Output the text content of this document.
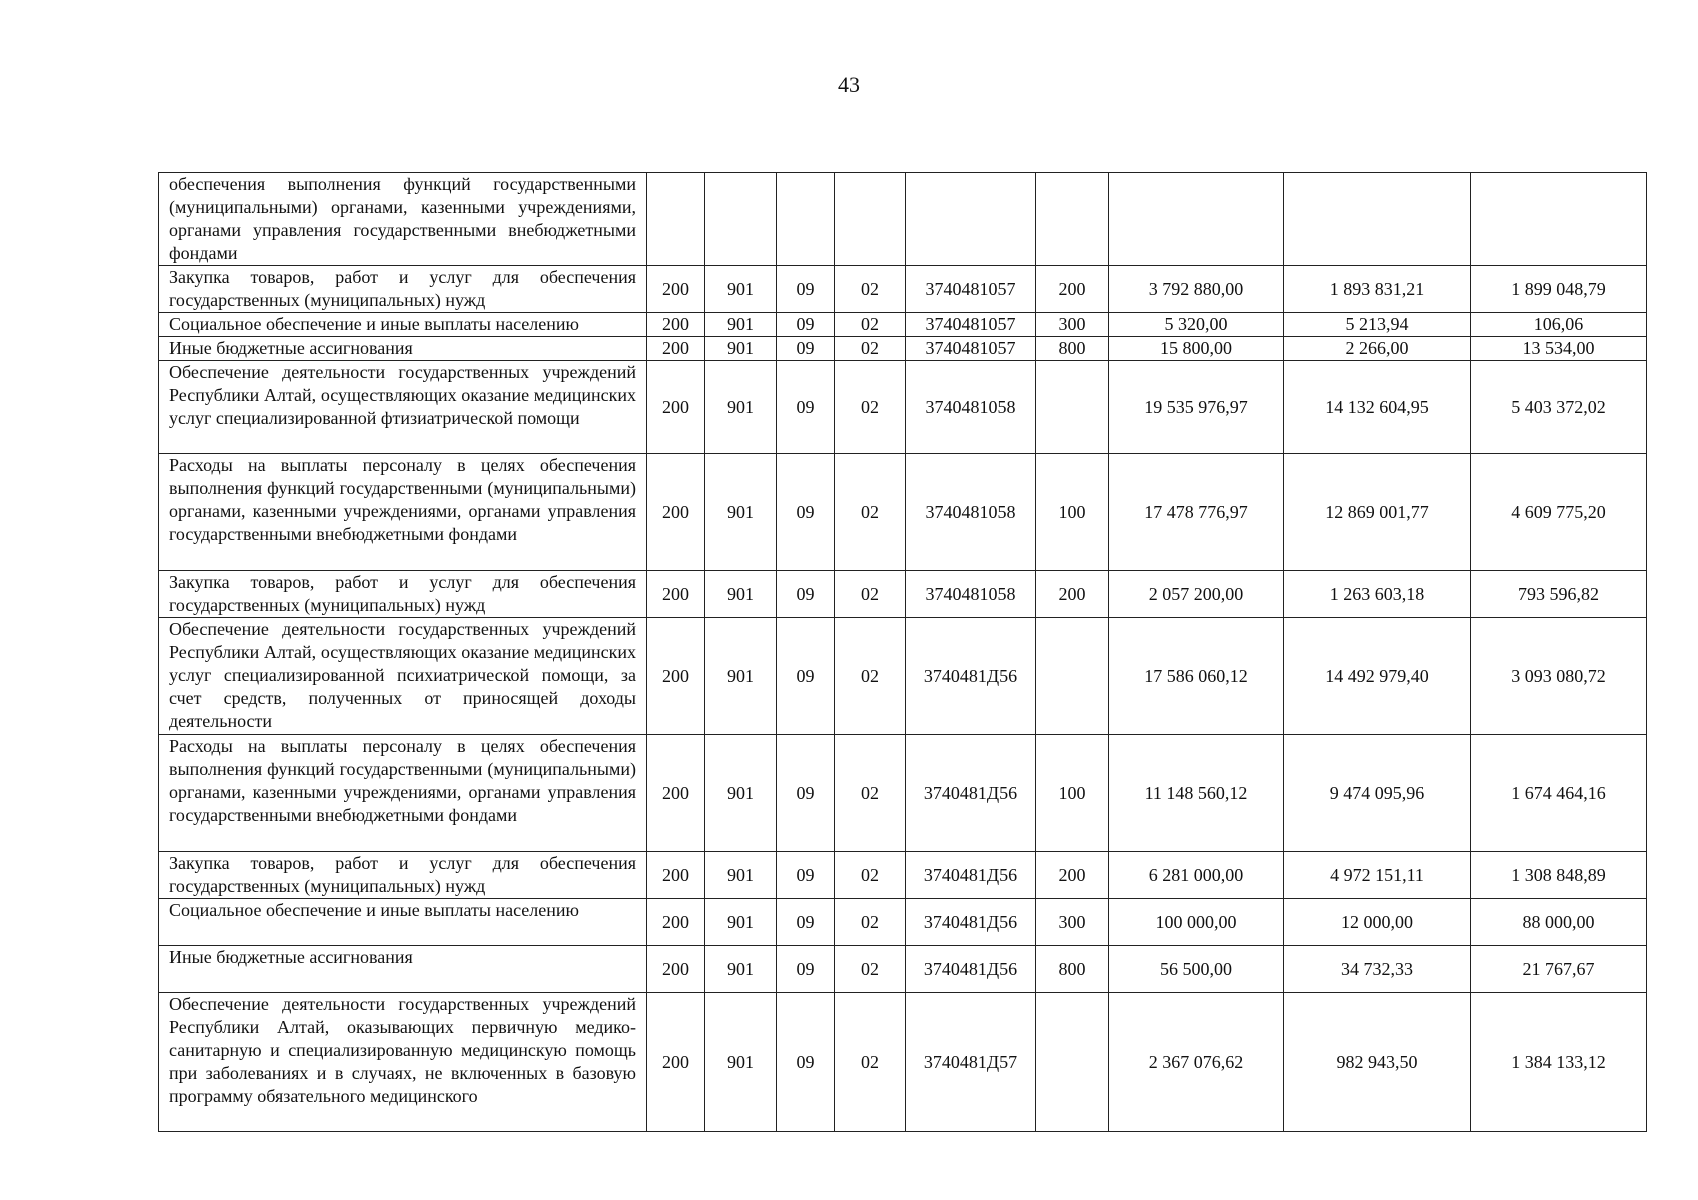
43
обеспечения выполнения функций государственными (муниципальными) органами, казенными учреждениями, органами управления государственными внебюджетными фондами									
Закупка товаров, работ и услуг для обеспечения государственных (муниципальных) нужд	200	901	09	02	3740481057	200	3 792 880,00	1 893 831,21	1 899 048,79
Социальное обеспечение и иные выплаты населению	200	901	09	02	3740481057	300	5 320,00	5 213,94	106,06
Иные бюджетные ассигнования	200	901	09	02	3740481057	800	15 800,00	2 266,00	13 534,00
Обеспечение деятельности государственных учреждений Республики Алтай, осуществляющих оказание медицинских услуг специализированной фтизиатрической помощи	200	901	09	02	3740481058		19 535 976,97	14 132 604,95	5 403 372,02
Расходы на выплаты персоналу в целях обеспечения выполнения функций государственными (муниципальными) органами, казенными учреждениями, органами управления государственными внебюджетными фондами	200	901	09	02	3740481058	100	17 478 776,97	12 869 001,77	4 609 775,20
Закупка товаров, работ и услуг для обеспечения государственных (муниципальных) нужд	200	901	09	02	3740481058	200	2 057 200,00	1 263 603,18	793 596,82
Обеспечение деятельности государственных учреждений Республики Алтай, осуществляющих оказание медицинских услуг специализированной психиатрической помощи, за счет средств, полученных от приносящей доходы деятельности	200	901	09	02	3740481Д56		17 586 060,12	14 492 979,40	3 093 080,72
Расходы на выплаты персоналу в целях обеспечения выполнения функций государственными (муниципальными) органами, казенными учреждениями, органами управления государственными внебюджетными фондами	200	901	09	02	3740481Д56	100	11 148 560,12	9 474 095,96	1 674 464,16
Закупка товаров, работ и услуг для обеспечения государственных (муниципальных) нужд	200	901	09	02	3740481Д56	200	6 281 000,00	4 972 151,11	1 308 848,89
Социальное обеспечение и иные выплаты населению	200	901	09	02	3740481Д56	300	100 000,00	12 000,00	88 000,00
Иные бюджетные ассигнования	200	901	09	02	3740481Д56	800	56 500,00	34 732,33	21 767,67
Обеспечение деятельности государственных учреждений Республики Алтай, оказывающих первичную медико-санитарную и специализированную медицинскую помощь при заболеваниях и в случаях, не включенных в базовую программу обязательного медицинского	200	901	09	02	3740481Д57		2 367 076,62	982 943,50	1 384 133,12
